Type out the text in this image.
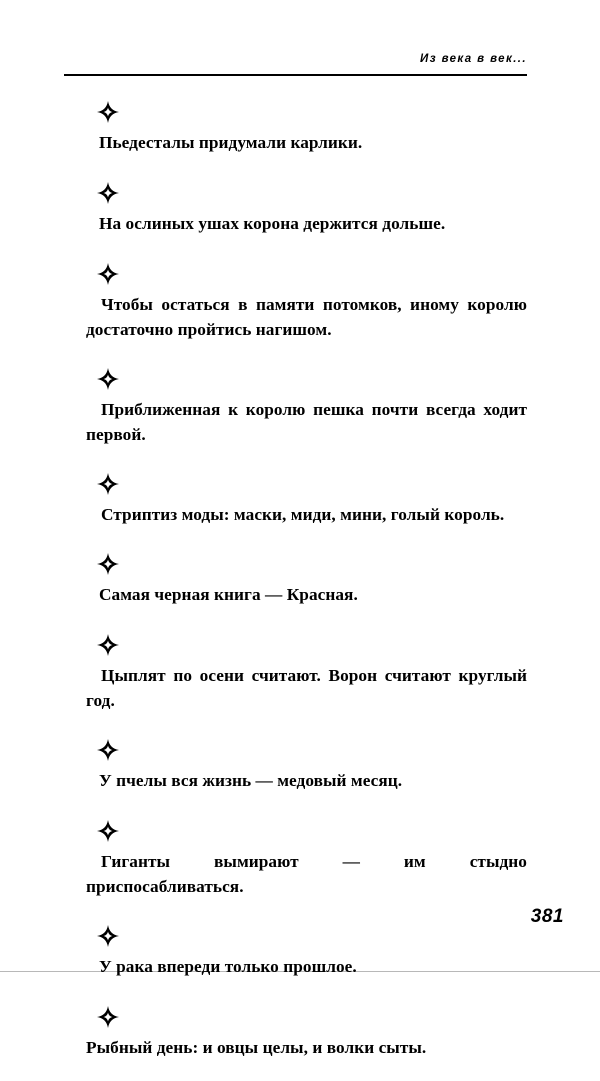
Из века в век...

Пьедесталы придумали карлики.

На ослиных ушах корона держится дольше.

Чтобы остаться в памяти потомков, иному королю достаточно пройтись нагишом.

Приближенная к королю пешка почти всегда ходит первой.

Стриптиз моды: маски, миди, мини, голый король.

Самая черная книга — Красная.

Цыплят по осени считают. Ворон считают круглый год.

У пчелы вся жизнь — медовый месяц.

Гиганты вымирают — им стыдно приспосабливаться.

У рака впереди только прошлое.

Рыбный день: и овцы целы, и волки сыты.

381
